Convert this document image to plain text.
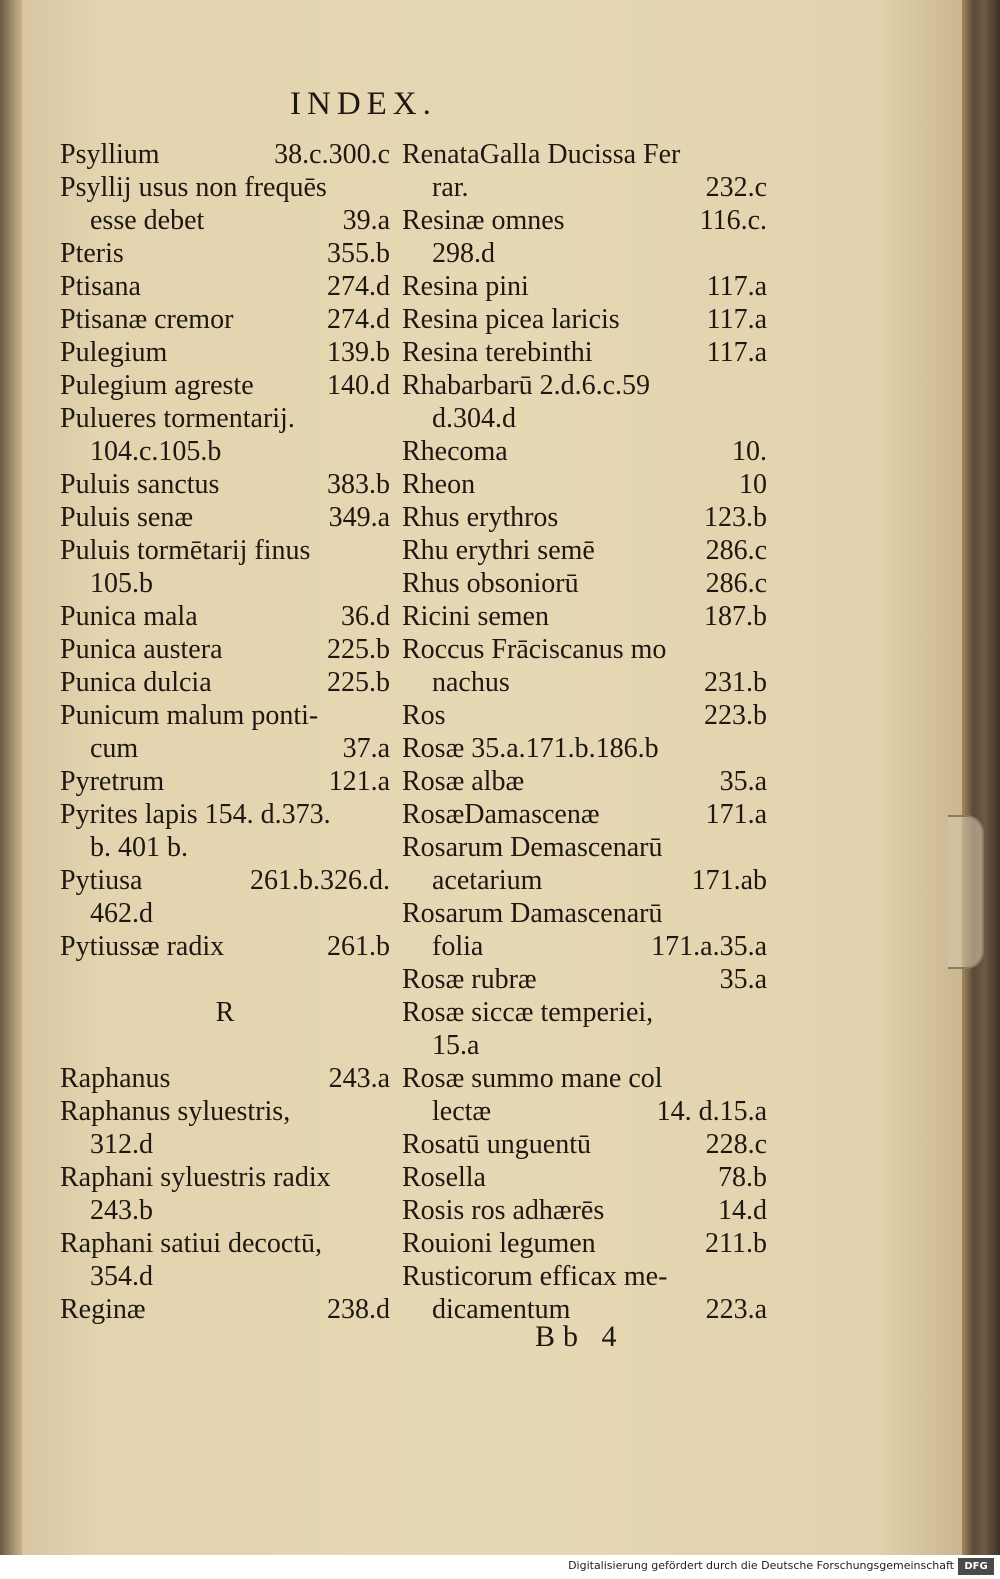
INDEX.
Psyllium	38.c.300.c
Psyllij usus non frequēs
esse debet	39.a
Pteris	355.b
Ptisana	274.d
Ptisanæ cremor	274.d
Pulegium	139.b
Pulegium agreste	140.d
Pulueres tormentarij.
104.c.105.b
Puluis sanctus	383.b
Puluis senæ	349.a
Puluis tormētarij finus
105.b
Punica mala	36.d
Punica austera	225.b
Punica dulcia	225.b
Punicum malum ponti-
cum	37.a
Pyretrum	121.a
Pyrites lapis 154. d.373.
b. 401 b.
Pytiusa	261.b.326.d.
462.d
Pytiussæ radix	261.b
R
Raphanus	243.a
Raphanus syluestris,
312.d
Raphani syluestris radix
243.b
Raphani satiui decoctū,
354.d
Reginæ	238.d
RenataGalla Ducissa Fer
rar.	232.c
Resinæ omnes	116.c.
298.d
Resina pini	117.a
Resina picea laricis	117.a
Resina terebinthi	117.a
Rhabarbarū 2.d.6.c.59
d.304.d
Rhecoma	10.
Rheon	10
Rhus erythros	123.b
Rhu erythri semē	286.c
Rhus obsoniorū	286.c
Ricini semen	187.b
Roccus Frāciscanus mo
nachus	231.b
Ros	223.b
Rosæ 35.a.171.b.186.b
Rosæ albæ	35.a
RosæDamascenæ	171.a
Rosarum Demascenarū
acetarium	171.ab
Rosarum Damascenarū
folia	171.a.35.a
Rosæ rubræ	35.a
Rosæ siccæ temperiei,
15.a
Rosæ summo mane col
lectæ	14. d.15.a
Rosatū unguentū	228.c
Rosella	78.b
Rosis ros adhærēs	14.d
Rouioni legumen	211.b
Rusticorum efficax me-
dicamentum	223.a
Bb 4
Digitalisierung gefördert durch die Deutsche Forschungsgemeinschaft	DFG
